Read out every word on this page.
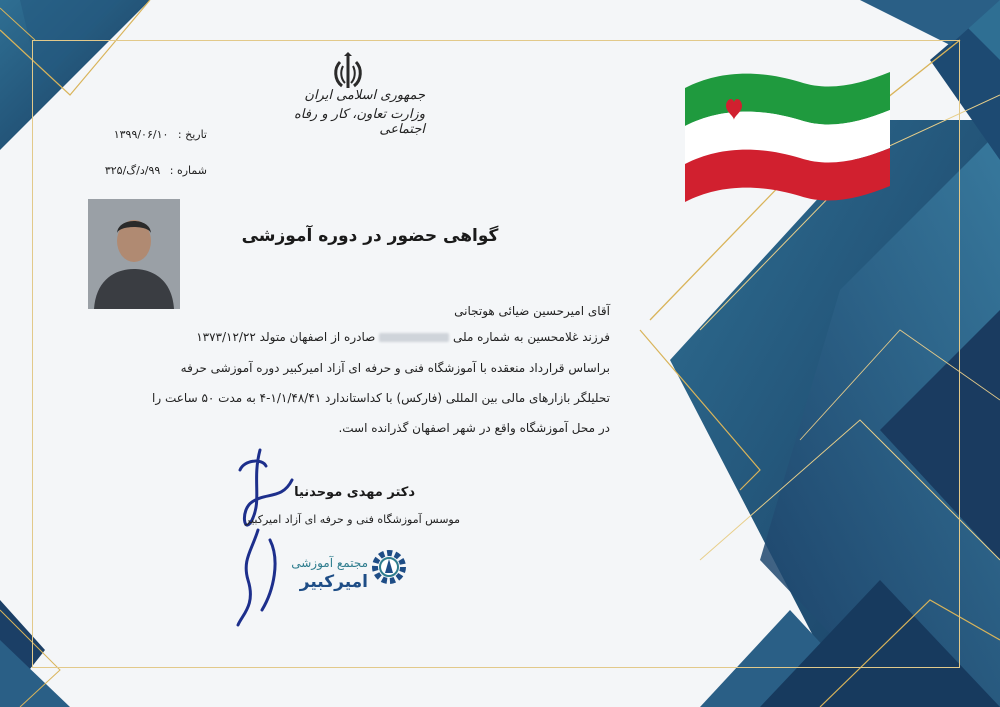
جمهوری اسلامی ایران
وزارت تعاون، کار و رفاه اجتماعی
تاریخ : ۱۳۹۹/۰۶/۱۰
شماره : ۹۹/د/گ/۳۲۵
گواهی حضور در دوره آموزشی
آقای امیرحسین ضیائی هوتجانی
فرزند غلامحسین به شماره ملی  صادره از اصفهان متولد ۱۳۷۳/۱۲/۲۲
براساس قرارداد منعقده با آموزشگاه فنی و حرفه ای آزاد امیرکبیر دوره آموزشی حرفه
تحلیلگر بازارهای مالی بین المللی (فارکس) با کداستاندارد ۱/۱/۴۸/۴۱-۴ به مدت ۵۰ ساعت را
در محل آموزشگاه واقع در شهر اصفهان گذرانده است.
دکتر مهدی موحدنیا
موسس آموزشگاه فنی و حرفه ای آزاد امیرکبیر
مجتمع آموزشی
امیرکبیر
